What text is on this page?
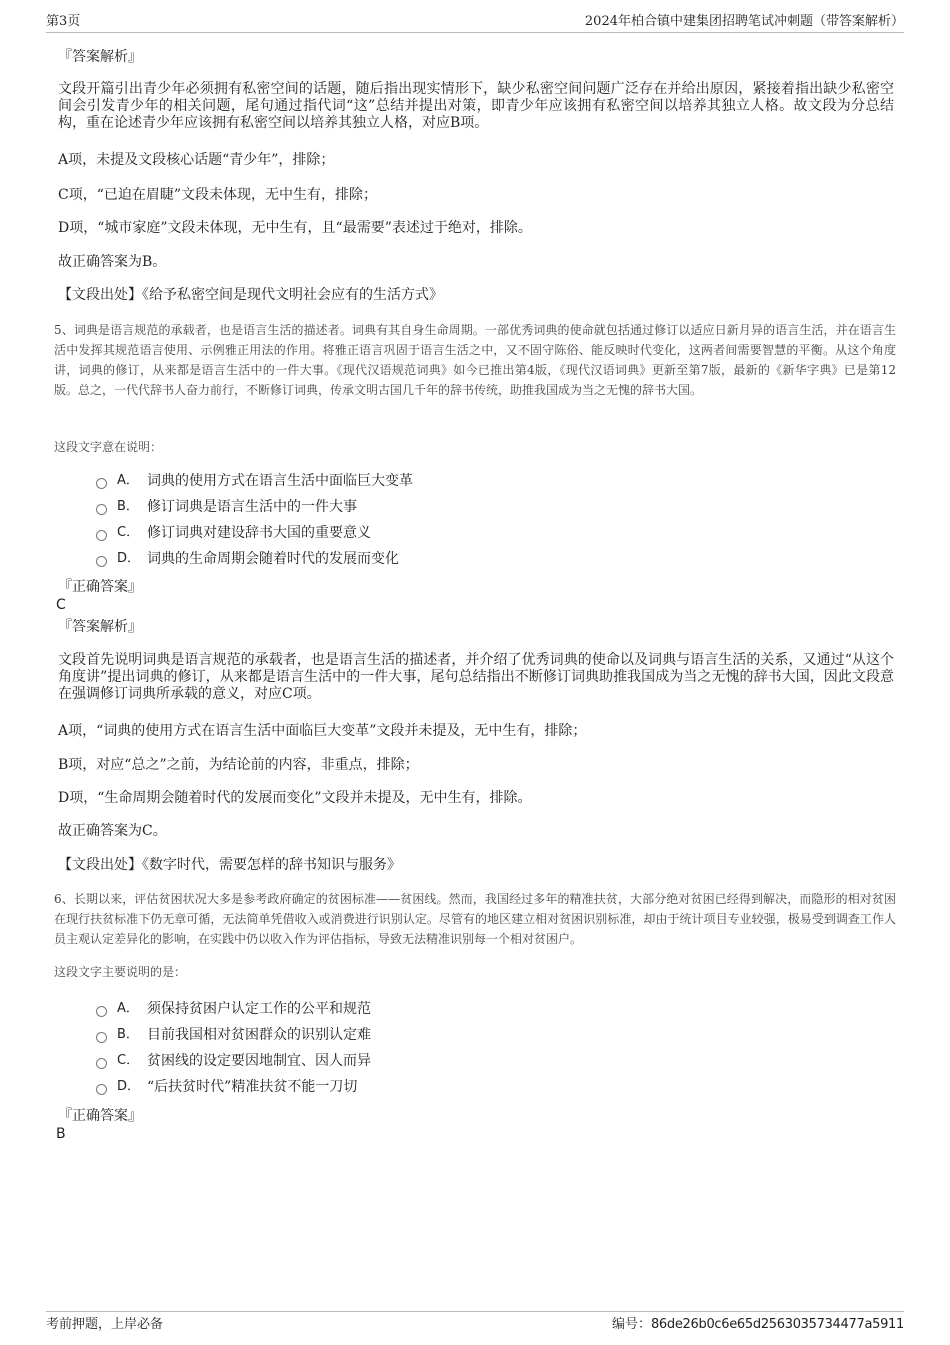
第3页	2024年柏合镇中建集团招聘笔试冲刺题（带答案解析）
『答案解析』
文段开篇引出青少年必须拥有私密空间的话题，随后指出现实情形下，缺少私密空间问题广泛存在并给出原因，紧接着指出缺少私密空间会引发青少年的相关问题，尾句通过指代词“这”总结并提出对策，即青少年应该拥有私密空间以培养其独立人格。故文段为分总结构，重在论述青少年应该拥有私密空间以培养其独立人格，对应B项。
A项，未提及文段核心话题“青少年”，排除；
C项，“已迫在眉睫”文段未体现，无中生有，排除；
D项，“城市家庭”文段未体现，无中生有，且“最需要”表述过于绝对，排除。
故正确答案为B。
【文段出处】《给予私密空间是现代文明社会应有的生活方式》
5、词典是语言规范的承载者，也是语言生活的描述者。词典有其自身生命周期。一部优秀词典的使命就包括通过修订以适应日新月异的语言生活，并在语言生活中发挥其规范语言使用、示例雅正用法的作用。将雅正语言巩固于语言生活之中，又不固守陈俗、能反映时代变化，这两者间需要智慧的平衡。从这个角度讲，词典的修订，从来都是语言生活中的一件大事。《现代汉语规范词典》如今已推出第4版，《现代汉语词典》更新至第7版，最新的《新华字典》已是第12版。总之，一代代辞书人奋力前行，不断修订词典，传承文明古国几千年的辞书传统，助推我国成为当之无愧的辞书大国。
这段文字意在说明：
A． 词典的使用方式在语言生活中面临巨大变革
B． 修订词典是语言生活中的一件大事
C． 修订词典对建设辞书大国的重要意义
D． 词典的生命周期会随着时代的发展而变化
『正确答案』
C
『答案解析』
文段首先说明词典是语言规范的承载者，也是语言生活的描述者，并介绍了优秀词典的使命以及词典与语言生活的关系，又通过“从这个角度讲”提出词典的修订，从来都是语言生活中的一件大事，尾句总结指出不断修订词典助推我国成为当之无愧的辞书大国，因此文段意在强调修订词典所承载的意义，对应C项。
A项，“词典的使用方式在语言生活中面临巨大变革”文段并未提及，无中生有，排除；
B项，对应“总之”之前，为结论前的内容，非重点，排除；
D项，“生命周期会随着时代的发展而变化”文段并未提及，无中生有，排除。
故正确答案为C。
【文段出处】《数字时代，需要怎样的辞书知识与服务》
6、长期以来，评估贫困状况大多是参考政府确定的贫困标准——贫困线。然而，我国经过多年的精准扶贫，大部分绝对贫困已经得到解决，而隐形的相对贫困在现行扶贫标准下仍无章可循，无法简单凭借收入或消费进行识别认定。尽管有的地区建立相对贫困识别标准，却由于统计项目专业较强，极易受到调查工作人员主观认定差异化的影响，在实践中仍以收入作为评估指标，导致无法精准识别每一个相对贫困户。
这段文字主要说明的是：
A． 须保持贫困户认定工作的公平和规范
B． 目前我国相对贫困群众的识别认定难
C． 贫困线的设定要因地制宜、因人而异
D． “后扶贫时代”精准扶贫不能一刀切
『正确答案』
B
考前押题，上岸必备	编号：86de26b0c6e65d2563035734477a5911
